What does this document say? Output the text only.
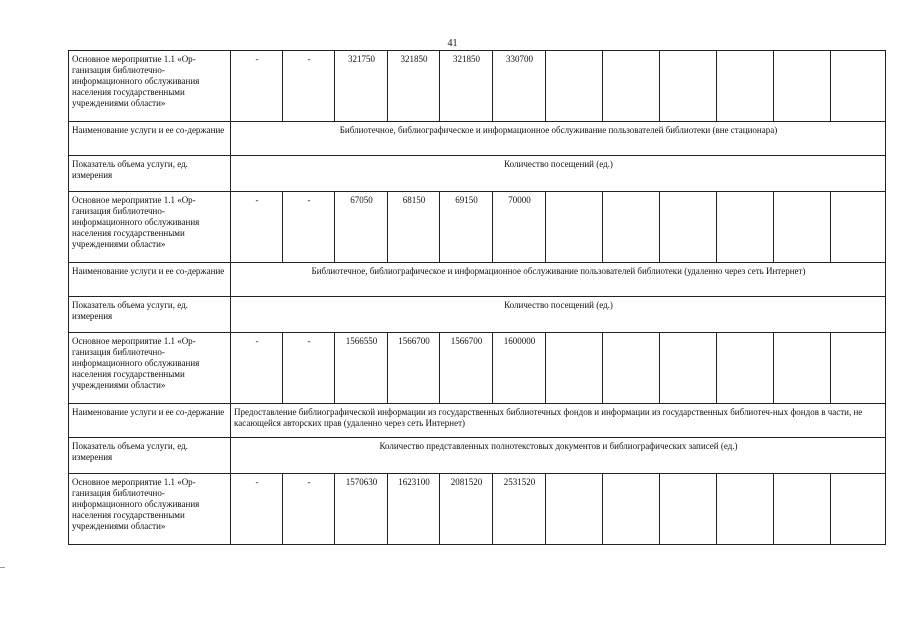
41
Основное мероприятие 1.1 «Ор-ганизация библиотечно-информационного обслуживания населения государственными учреждениями области»	-	-	321750	321850	321850	330700						
Наименование услуги и ее со-держание	Библиотечное, библиографическое и информационное обслуживание пользователей библиотеки (вне стационара)											
Показатель объема услуги, ед. измерения	Количество посещений (ед.)											
Основное мероприятие 1.1 «Ор-ганизация библиотечно-информационного обслуживания населения государственными учреждениями области»	-	-	67050	68150	69150	70000						
Наименование услуги и ее со-держание	Библиотечное, библиографическое и информационное обслуживание пользователей библиотеки (удаленно через сеть Интернет)											
Показатель объема услуги, ед. измерения	Количество посещений (ед.)											
Основное мероприятие 1.1 «Ор-ганизация библиотечно-информационного обслуживания населения государственными учреждениями области»	-	-	1566550	1566700	1566700	1600000						
Наименование услуги и ее со-держание	Предоставление библиографической информации из государственных библиотечных фондов и информации из государственных библиотеч-ных фондов в части, не касающейся авторских прав (удаленно через сеть Интернет)											
Показатель объема услуги, ед. измерения	Количество представленных полнотекстовых документов и библиографических записей (ед.)											
Основное мероприятие 1.1 «Ор-ганизация библиотечно-информационного обслуживания населения государственными учреждениями области»	-	-	1570630	1623100	2081520	2531520						
